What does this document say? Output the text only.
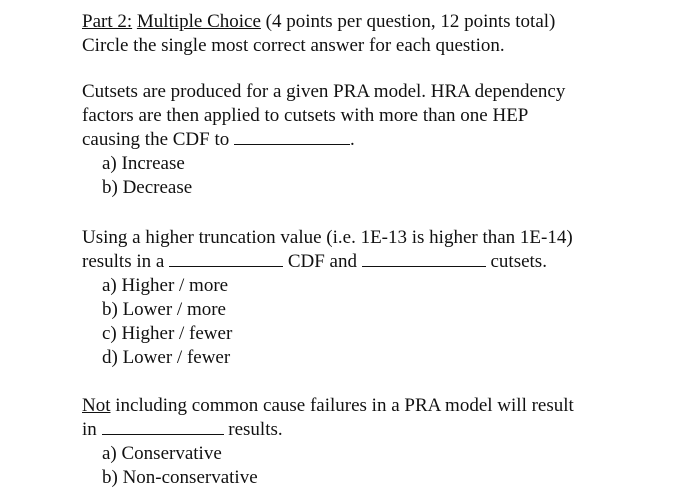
Part 2: Multiple Choice (4 points per question, 12 points total)
Circle the single most correct answer for each question.
Cutsets are produced for a given PRA model. HRA dependency
factors are then applied to cutsets with more than one HEP
causing the CDF to	.
a) Increase
b) Decrease
Using a higher truncation value (i.e. 1E-13 is higher than 1E-14)
results in a	CDF and	cutsets.
a) Higher / more
b) Lower / more
c) Higher / fewer
d) Lower / fewer
Not including common cause failures in a PRA model will result
in	results.
a) Conservative
b) Non-conservative
